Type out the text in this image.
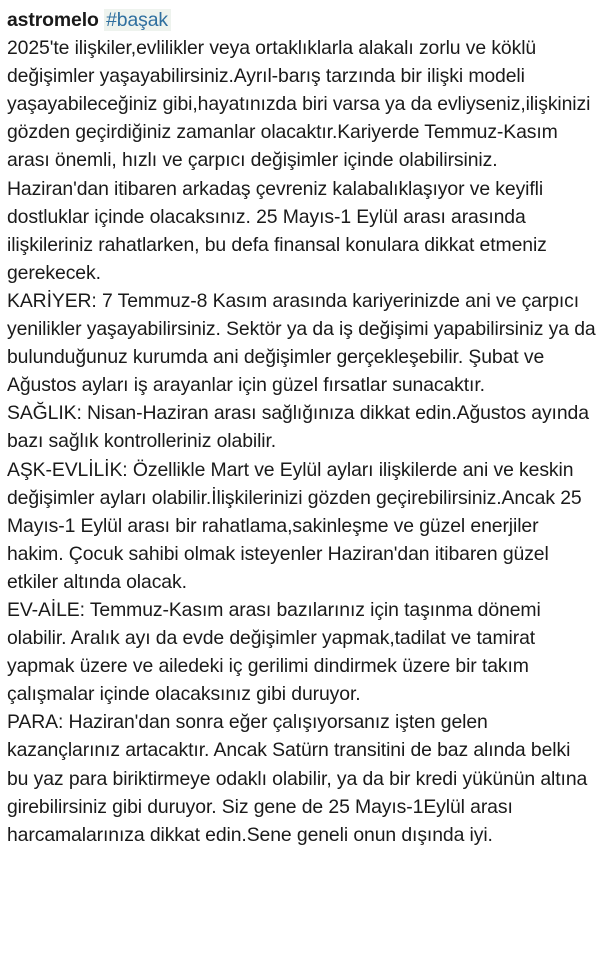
astromelo #başak
2025'te ilişkiler,evlilikler veya ortaklıklarla alakalı zorlu ve köklü değişimler yaşayabilirsiniz.Ayrıl-barış tarzında bir ilişki modeli yaşayabileceğiniz gibi,hayatınızda biri varsa ya da evliyseniz,ilişkinizi gözden geçirdiğiniz zamanlar olacaktır.Kariyerde Temmuz-Kasım arası önemli, hızlı ve çarpıcı değişimler içinde olabilirsiniz. Haziran'dan itibaren arkadaş çevreniz kalabalıklaşıyor ve keyifli dostluklar içinde olacaksınız. 25 Mayıs-1 Eylül arası arasında ilişkileriniz rahatlarken, bu defa finansal konulara dikkat etmeniz gerekecek.
KARİYER: 7 Temmuz-8 Kasım arasında kariyerinizde ani ve çarpıcı yenilikler yaşayabilirsiniz. Sektör ya da iş değişimi yapabilirsiniz ya da bulunduğunuz kurumda ani değişimler gerçekleşebilir. Şubat ve Ağustos ayları iş arayanlar için güzel fırsatlar sunacaktır.
SAĞLIK: Nisan-Haziran arası sağlığınıza dikkat edin.Ağustos ayında bazı sağlık kontrolleriniz olabilir.
AŞK-EVLİLİK: Özellikle Mart ve Eylül ayları ilişkilerde ani ve keskin değişimler ayları olabilir.İlişkilerinizi gözden geçirebilirsiniz.Ancak 25 Mayıs-1 Eylül arası bir rahatlama,sakinleşme ve güzel enerjiler hakim. Çocuk sahibi olmak isteyenler Haziran'dan itibaren güzel etkiler altında olacak.
EV-AİLE: Temmuz-Kasım arası bazılarınız için taşınma dönemi olabilir. Aralık ayı da evde değişimler yapmak,tadilat ve tamirat yapmak üzere ve ailedeki iç gerilimi dindirmek üzere bir takım çalışmalar içinde olacaksınız gibi duruyor.
PARA: Haziran'dan sonra eğer çalışıyorsanız işten gelen kazançlarınız artacaktır. Ancak Satürn transitini de baz alında belki bu yaz para biriktirmeye odaklı olabilir, ya da bir kredi yükünün altına girebilirsiniz gibi duruyor. Siz gene de 25 Mayıs-1Eylül arası harcamalarınıza dikkat edin.Sene geneli onun dışında iyi.
